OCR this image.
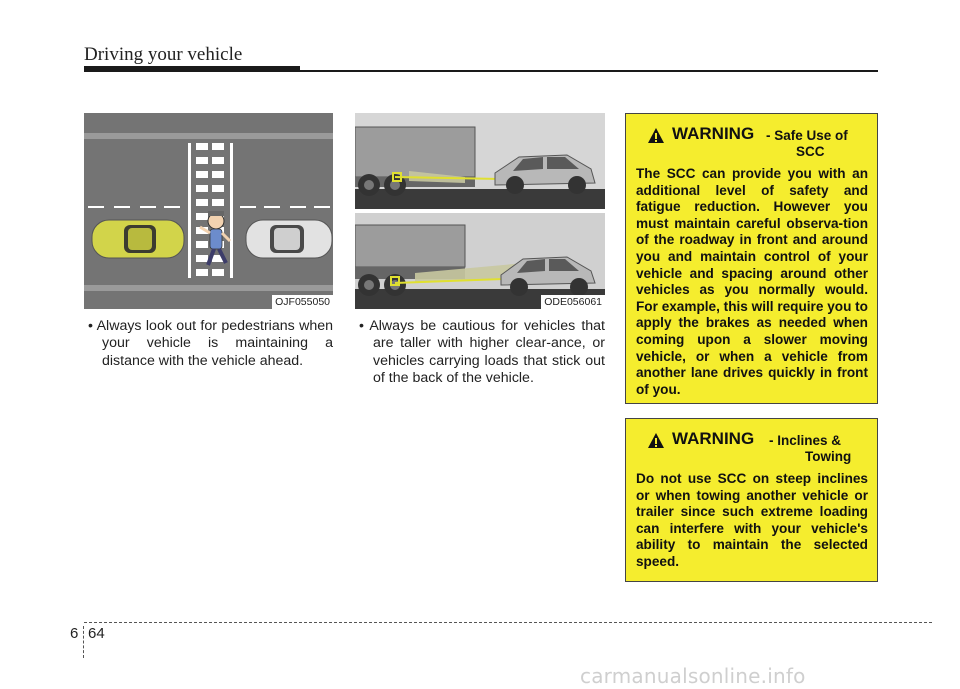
Driving your vehicle
OJF055050	ODE056061
• Always look out for pedestrians when your vehicle is maintaining a distance with the vehicle ahead.
• Always be cautious for vehicles that are taller with higher clear-ance, or vehicles carrying loads that stick out of the back of the vehicle.
WARNING - Safe Use of
SCC
The SCC can provide you with an additional level of safety and fatigue reduction. However you must maintain careful observa-tion of the roadway in front and around you and maintain control of your vehicle and spacing around other vehicles as you normally would. For example, this will require you to apply the brakes as needed when coming upon a slower moving vehicle, or when a vehicle from another lane drives quickly in front of you.
WARNING - Inclines &
Towing
Do not use SCC on steep inclines or when towing another vehicle or trailer since such extreme loading can interfere with your vehicle's ability to maintain the selected speed.
6 64
carmanualsonline.info
